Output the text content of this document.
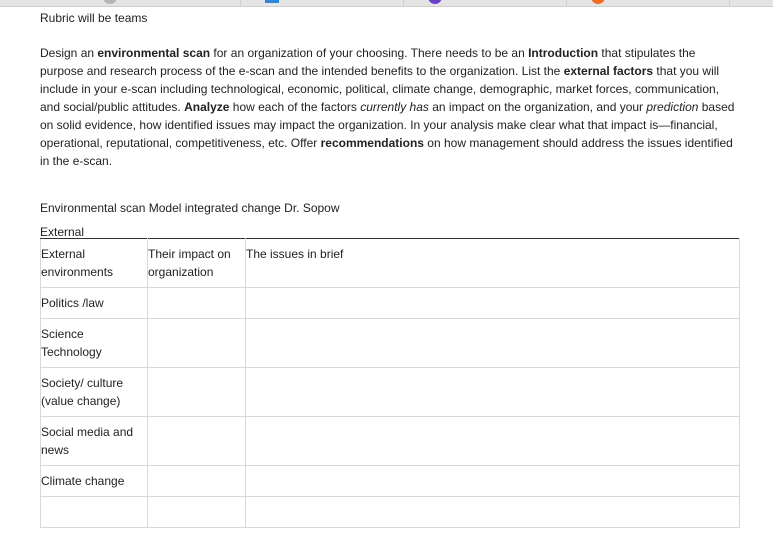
Rubric will be teams

Design an environmental scan for an organization of your choosing. There needs to be an Introduction that stipulates the purpose and research process of the e-scan and the intended benefits to the organization. List the external factors that you will include in your e-scan including technological, economic, political, climate change, demographic, market forces, communication, and social/public attitudes. Analyze how each of the factors currently has an impact on the organization, and your prediction based on solid evidence, how identified issues may impact the organization. In your analysis make clear what that impact is—financial, operational, reputational, competitiveness, etc. Offer recommendations on how management should address the issues identified in the e-scan.

Environmental scan Model integrated change Dr. Sopow

External

External environments	Their impact on organization	The issues in brief

Politics /law		

Science Technology		

Society/ culture (value change)		

Social media and news		

Climate change		
